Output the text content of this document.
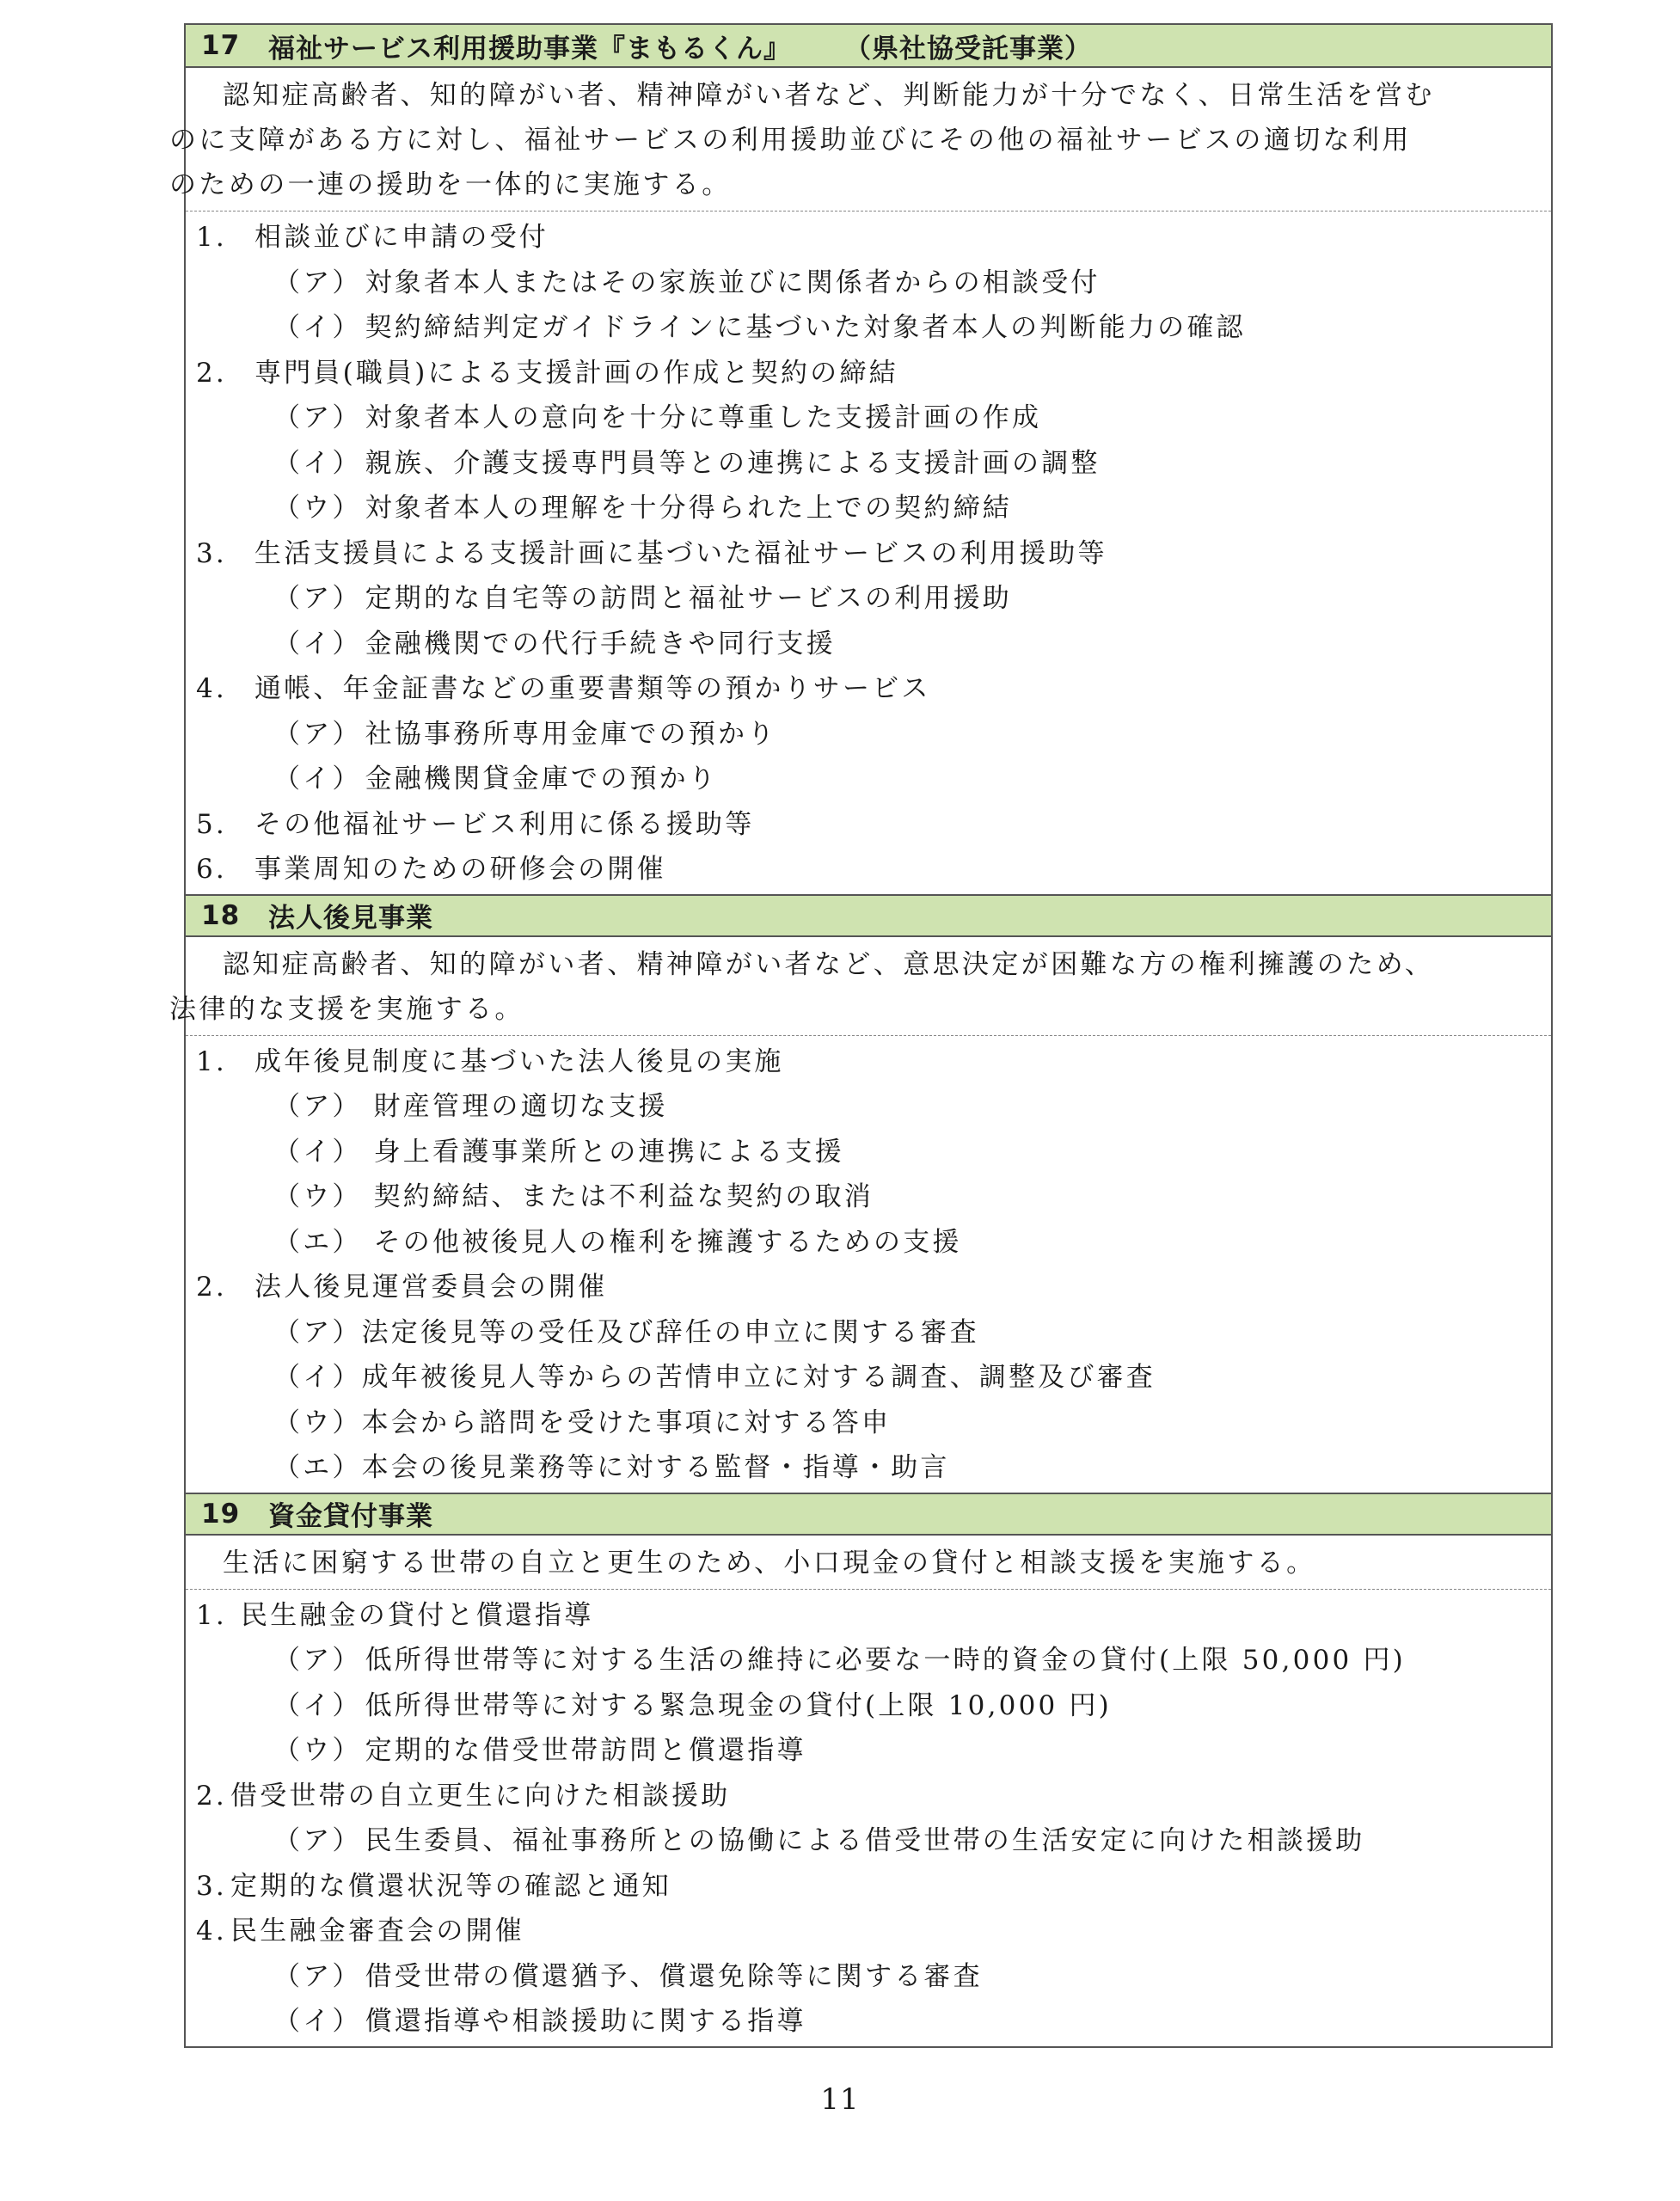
17	福祉サービス利用援助事業『まもるくん』 （県社協受託事業）

認知症高齢者、知的障がい者、精神障がい者など、判断能力が十分でなく、日常生活を営む
のに支障がある方に対し、福祉サービスの利用援助並びにその他の福祉サービスの適切な利用
のための一連の援助を一体的に実施する。

1. 相談並びに申請の受付
（ア） 対象者本人またはその家族並びに関係者からの相談受付
（イ） 契約締結判定ガイドラインに基づいた対象者本人の判断能力の確認
2. 専門員(職員)による支援計画の作成と契約の締結
（ア） 対象者本人の意向を十分に尊重した支援計画の作成
（イ） 親族、介護支援専門員等との連携による支援計画の調整
（ウ） 対象者本人の理解を十分得られた上での契約締結
3. 生活支援員による支援計画に基づいた福祉サービスの利用援助等
（ア） 定期的な自宅等の訪問と福祉サービスの利用援助
（イ） 金融機関での代行手続きや同行支援
4. 通帳、年金証書などの重要書類等の預かりサービス
（ア） 社協事務所専用金庫での預かり
（イ） 金融機関貸金庫での預かり
5. その他福祉サービス利用に係る援助等
6. 事業周知のための研修会の開催
18	法人後見事業

認知症高齢者、知的障がい者、精神障がい者など、意思決定が困難な方の権利擁護のため、
法律的な支援を実施する。

1. 成年後見制度に基づいた法人後見の実施
（ア） 財産管理の適切な支援
（イ） 身上看護事業所との連携による支援
（ウ） 契約締結、または不利益な契約の取消
（エ） その他被後見人の権利を擁護するための支援
2. 法人後見運営委員会の開催
（ア）法定後見等の受任及び辞任の申立に関する審査
（イ）成年被後見人等からの苦情申立に対する調査、調整及び審査
（ウ）本会から諮問を受けた事項に対する答申
（エ）本会の後見業務等に対する監督・指導・助言
19	資金貸付事業

生活に困窮する世帯の自立と更生のため、小口現金の貸付と相談支援を実施する。

1. 民生融金の貸付と償還指導
（ア） 低所得世帯等に対する生活の維持に必要な一時的資金の貸付(上限 50,000 円)
（イ） 低所得世帯等に対する緊急現金の貸付(上限 10,000 円)
（ウ） 定期的な借受世帯訪問と償還指導
2. 借受世帯の自立更生に向けた相談援助
（ア） 民生委員、福祉事務所との協働による借受世帯の生活安定に向けた相談援助
3. 定期的な償還状況等の確認と通知
4. 民生融金審査会の開催
（ア） 借受世帯の償還猶予、償還免除等に関する審査
（イ） 償還指導や相談援助に関する指導
11
